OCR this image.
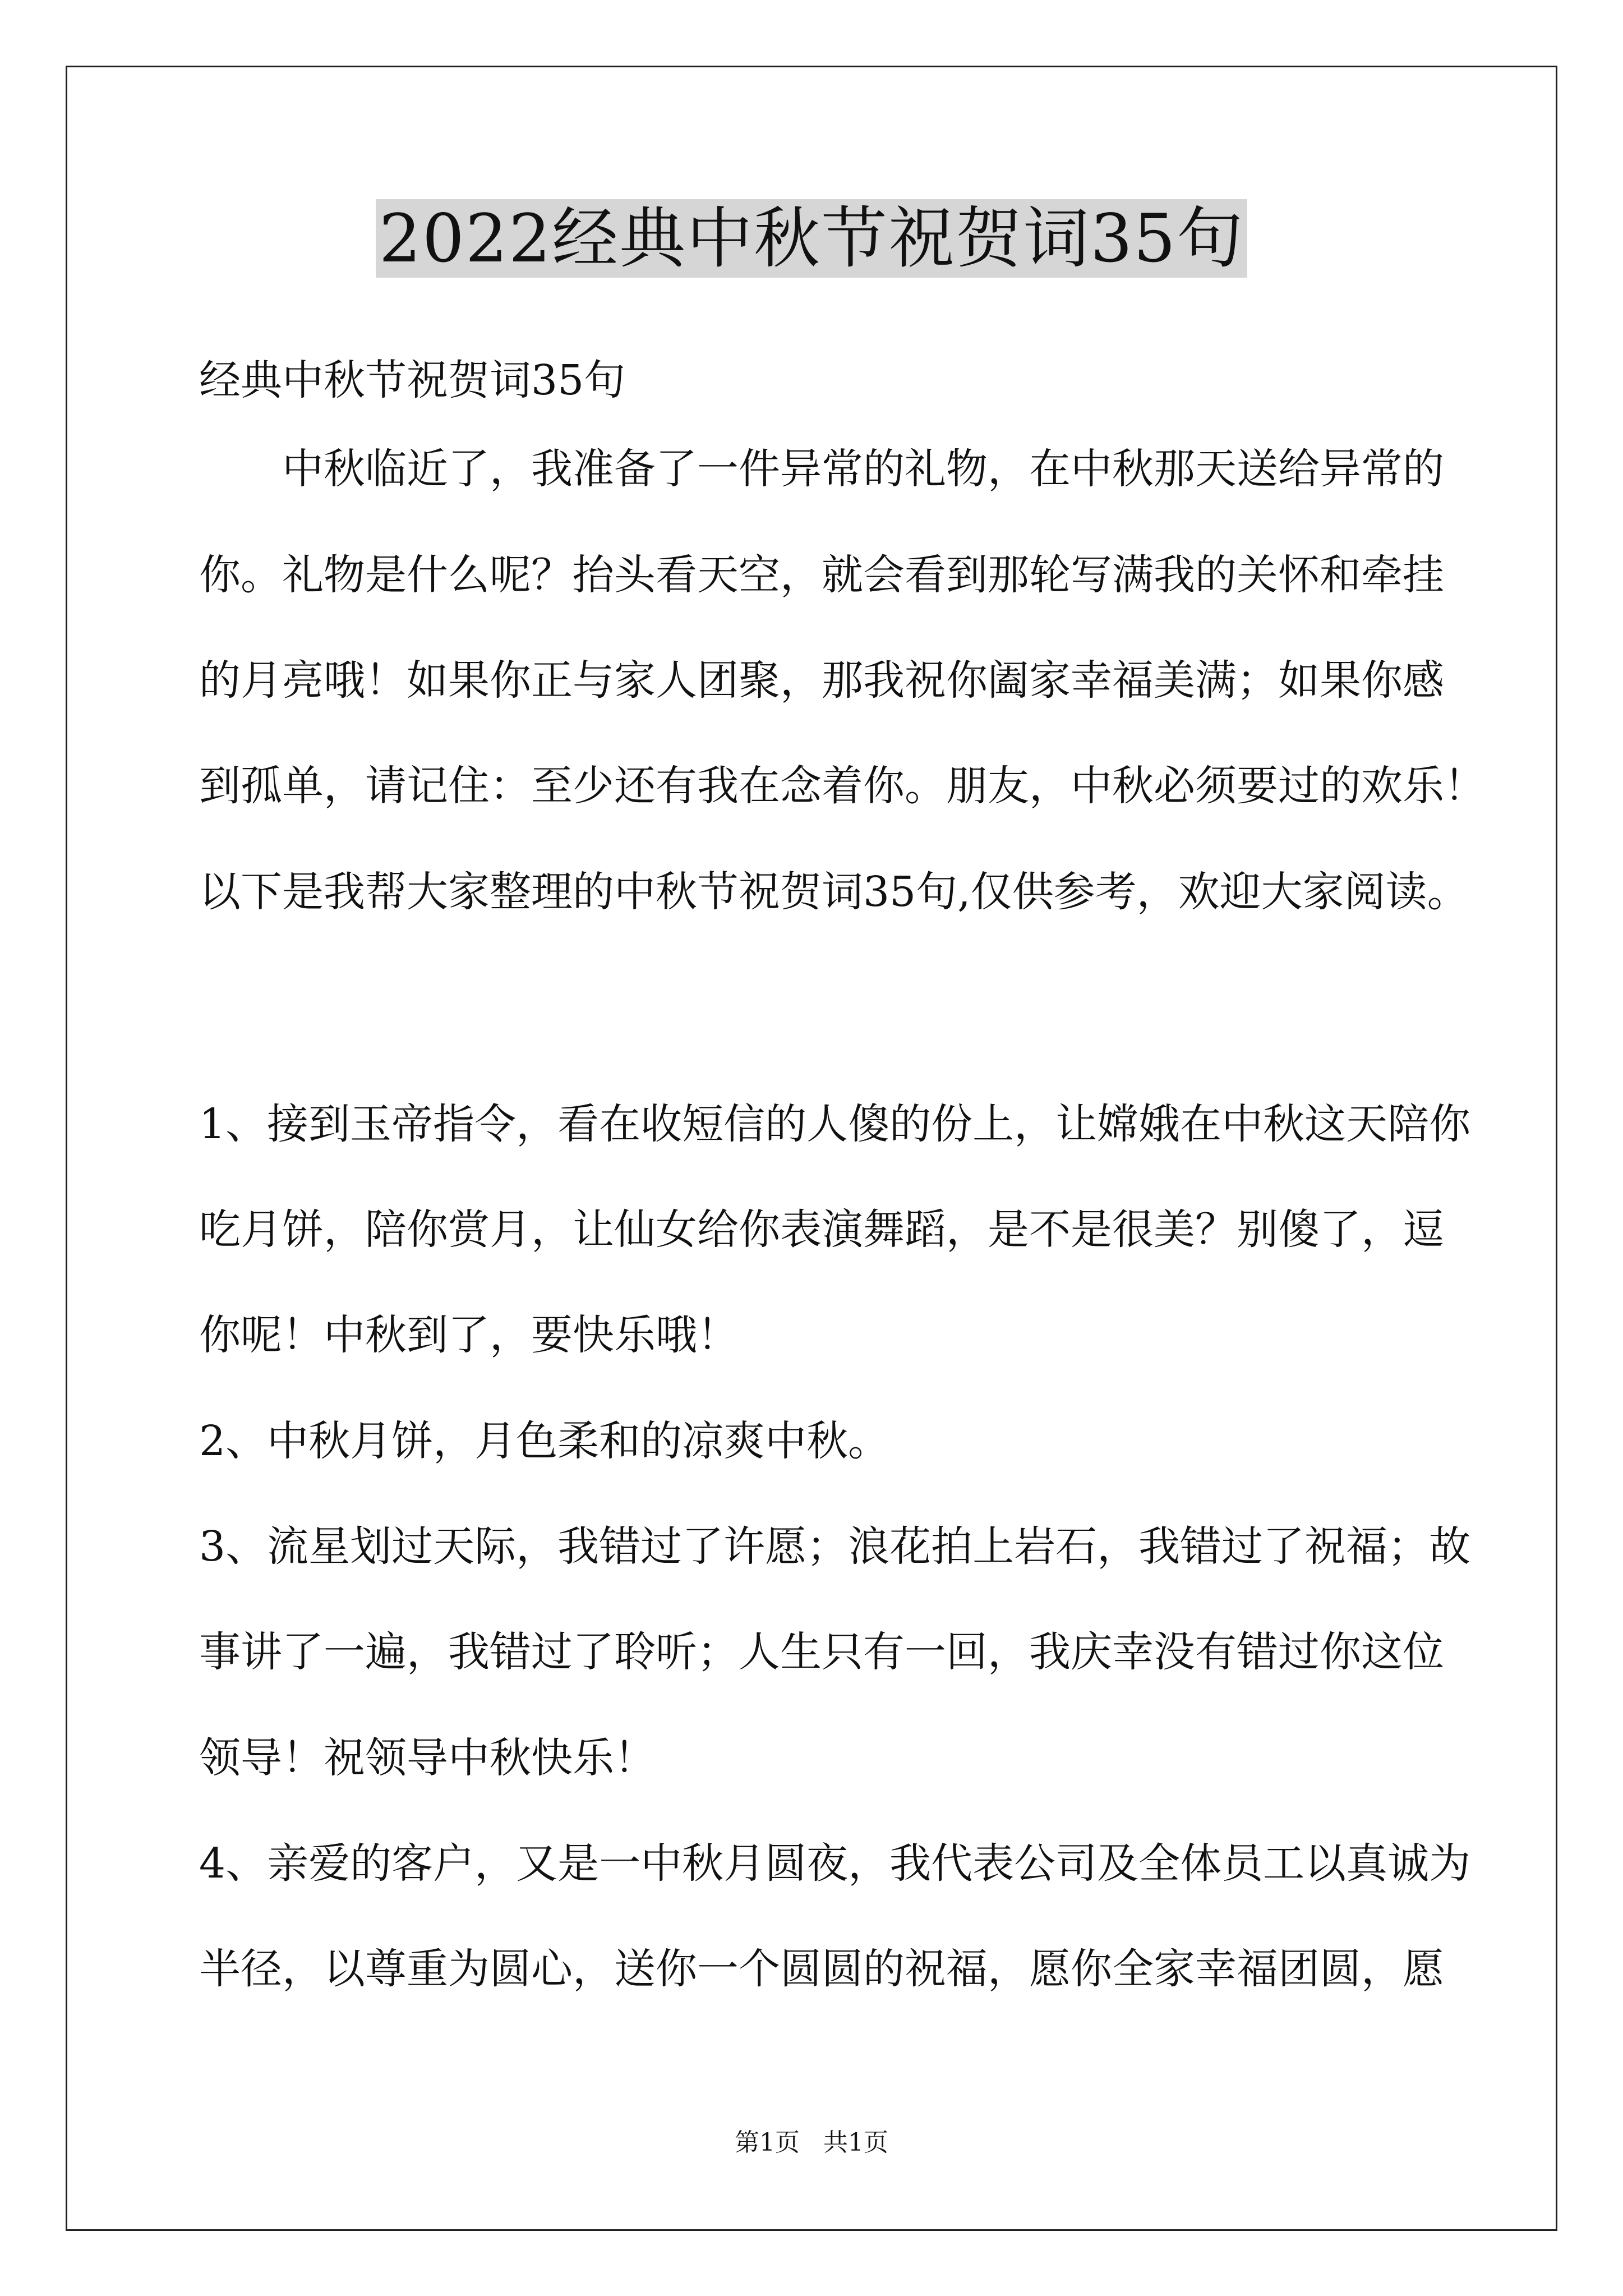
2022经典中秋节祝贺词35句
经典中秋节祝贺词35句
　　中秋临近了，我准备了一件异常的礼物，在中秋那天送给异常的
你。礼物是什么呢？抬头看天空，就会看到那轮写满我的关怀和牵挂
的月亮哦！如果你正与家人团聚，那我祝你阖家幸福美满；如果你感
到孤单，请记住：至少还有我在念着你。朋友，中秋必须要过的欢乐！
以下是我帮大家整理的中秋节祝贺词35句,仅供参考，欢迎大家阅读。
1、接到玉帝指令，看在收短信的人傻的份上，让嫦娥在中秋这天陪你
吃月饼，陪你赏月，让仙女给你表演舞蹈，是不是很美？别傻了，逗
你呢！中秋到了，要快乐哦！
2、中秋月饼，月色柔和的凉爽中秋。
3、流星划过天际，我错过了许愿；浪花拍上岩石，我错过了祝福；故
事讲了一遍，我错过了聆听；人生只有一回，我庆幸没有错过你这位
领导！祝领导中秋快乐！
4、亲爱的客户，又是一中秋月圆夜，我代表公司及全体员工以真诚为
半径，以尊重为圆心，送你一个圆圆的祝福，愿你全家幸福团圆，愿
第1页 共1页
